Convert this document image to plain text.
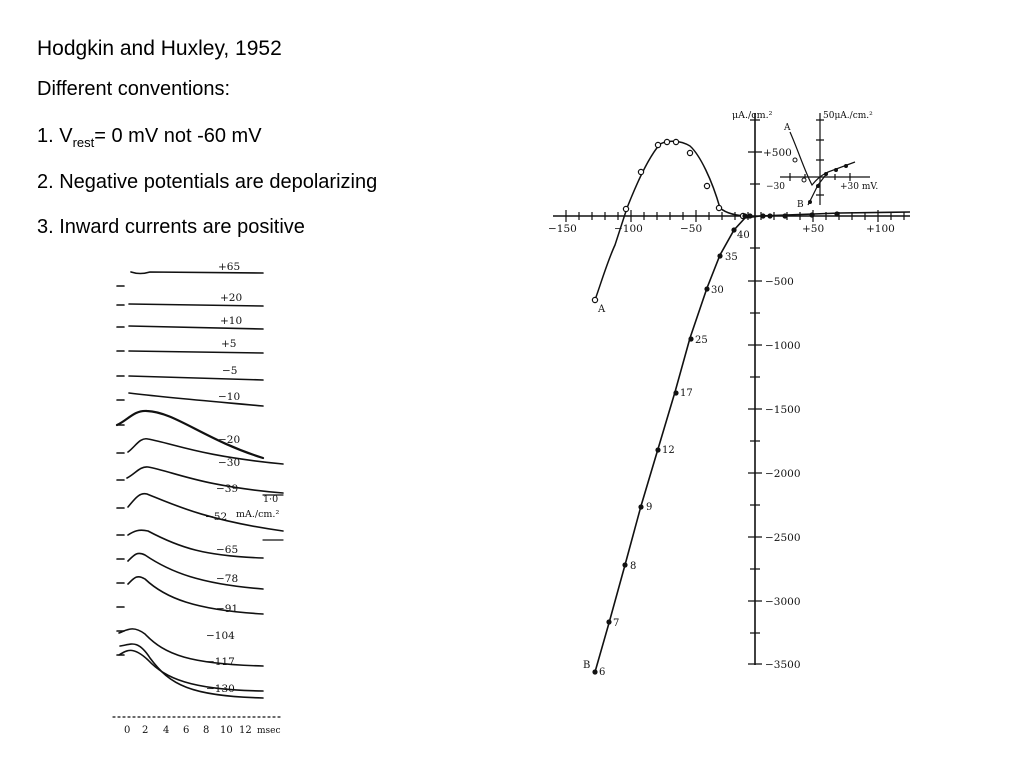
Hodgkin and Huxley, 1952
Different conventions:
1. $V_{rest}= 0$ mV not -60 mV
2. Negative potentials are depolarizing
3. Inward currents are positive
+65
+20
+10
+5
−5
−10
−20
−30
−39
−52
−65
−78
−91
−104
−117
−130
1·0
mA./cm.²
0 2 4 6 8 10 12 msec
−150	−100	−50	+50	+100
+500
−500
−1000
−1500
−2000
−2500
−3000
−3500
μA./cm.²
40
35
30
25
17
12
9
8
7
6
A
B
50μA./cm.²
A
B
−30	+30 mV.
